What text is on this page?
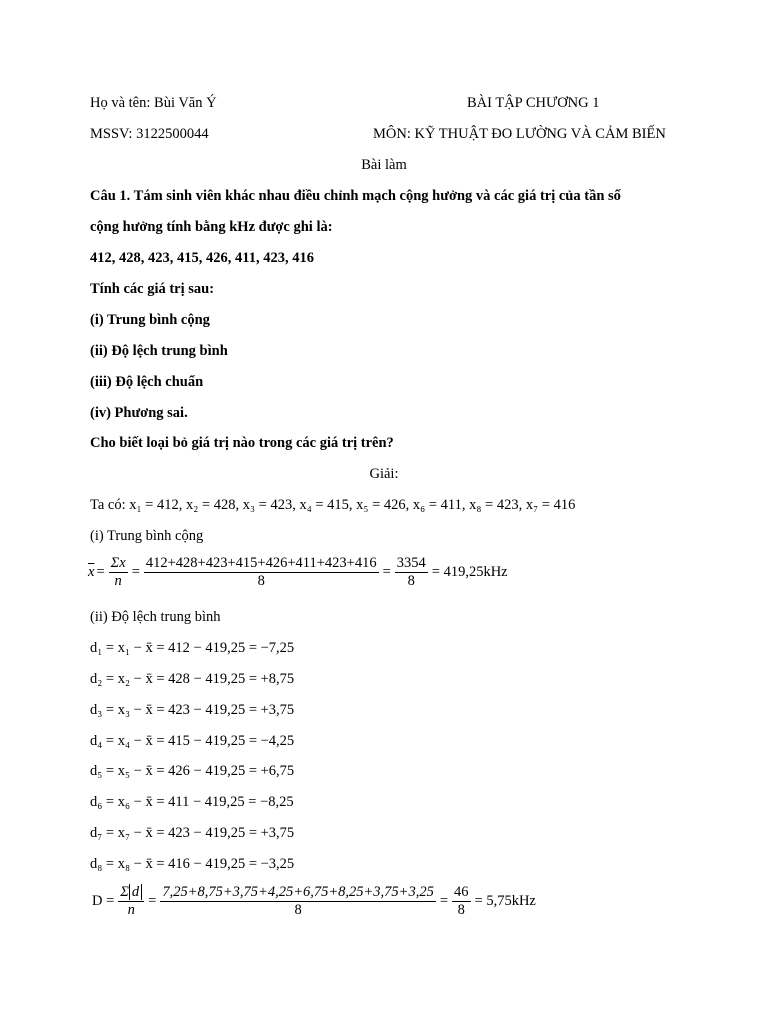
Họ và tên: Bùi Văn Ý	BÀI TẬP CHƯƠNG 1
MSSV: 3122500044	MÔN: KỸ THUẬT ĐO LƯỜNG VÀ CẢM BIẾN
Bài làm
Câu 1. Tám sinh viên khác nhau điều chỉnh mạch cộng hưởng và các giá trị của tần số
cộng hưởng tính bằng kHz được ghi là:
412, 428, 423, 415, 426, 411, 423, 416
Tính các giá trị sau:
(i) Trung bình cộng
(ii) Độ lệch trung bình
(iii) Độ lệch chuẩn
(iv) Phương sai.
Cho biết loại bỏ giá trị nào trong các giá trị trên?
Giải:
Ta có: x₁ = 412, x₂ = 428, x₃ = 423, x₄ = 415, x₅ = 426, x₆ = 411, x₈ = 423, x₇ = 416
(i) Trung bình cộng
$\overline{x} = \frac{\Sigma x}{n} = \frac{412+428+423+415+426+411+423+416}{8} = \frac{3354}{8} = 419,25kHz$
(ii) Độ lệch trung bình
d₁ = x₁ − x̄ = 412 − 419,25 = −7,25
d₂ = x₂ − x̄ = 428 − 419,25 = +8,75
d₃ = x₃ − x̄ = 423 − 419,25 = +3,75
d₄ = x₄ − x̄ = 415 − 419,25 = −4,25
d₅ = x₅ − x̄ = 426 − 419,25 = +6,75
d₆ = x₆ − x̄ = 411 − 419,25 = −8,25
d₇ = x₇ − x̄ = 423 − 419,25 = +3,75
d₈ = x₈ − x̄ = 416 − 419,25 = −3,25
$D = \frac{\text{Σ d}}{n} = \frac{7,25+8,75+3,75+4,25+6,75+8,25+3,75+3,25}{8} = \frac{46}{8} = 5,75kHz$
